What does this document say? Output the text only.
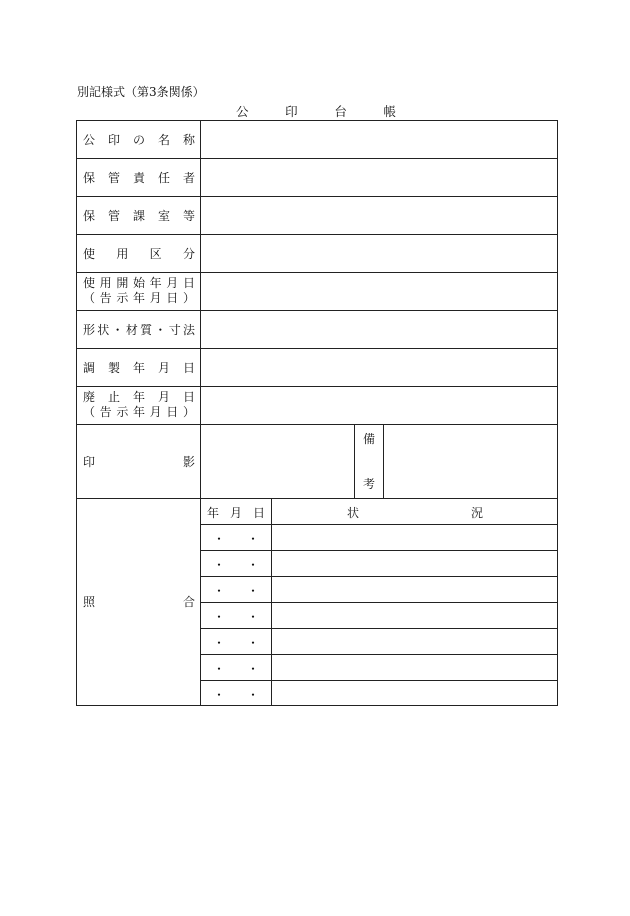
別記様式（第3条関係）
公	印	台	帳
公 印 の 名 称
保 管 責 任 者
保 管 課 室 等
使 用 区 分
使 用 開 始 年 月 日
（ 告 示 年 月 日 ）
形 状 ・ 材 質 ・ 寸 法
調 製 年 月 日
廃 止 年 月 日
（ 告 示 年 月 日 ）
印	影
備
考
照	合
年 月 日	状	況
・ ・
・ ・
・ ・
・ ・
・ ・
・ ・
・ ・
